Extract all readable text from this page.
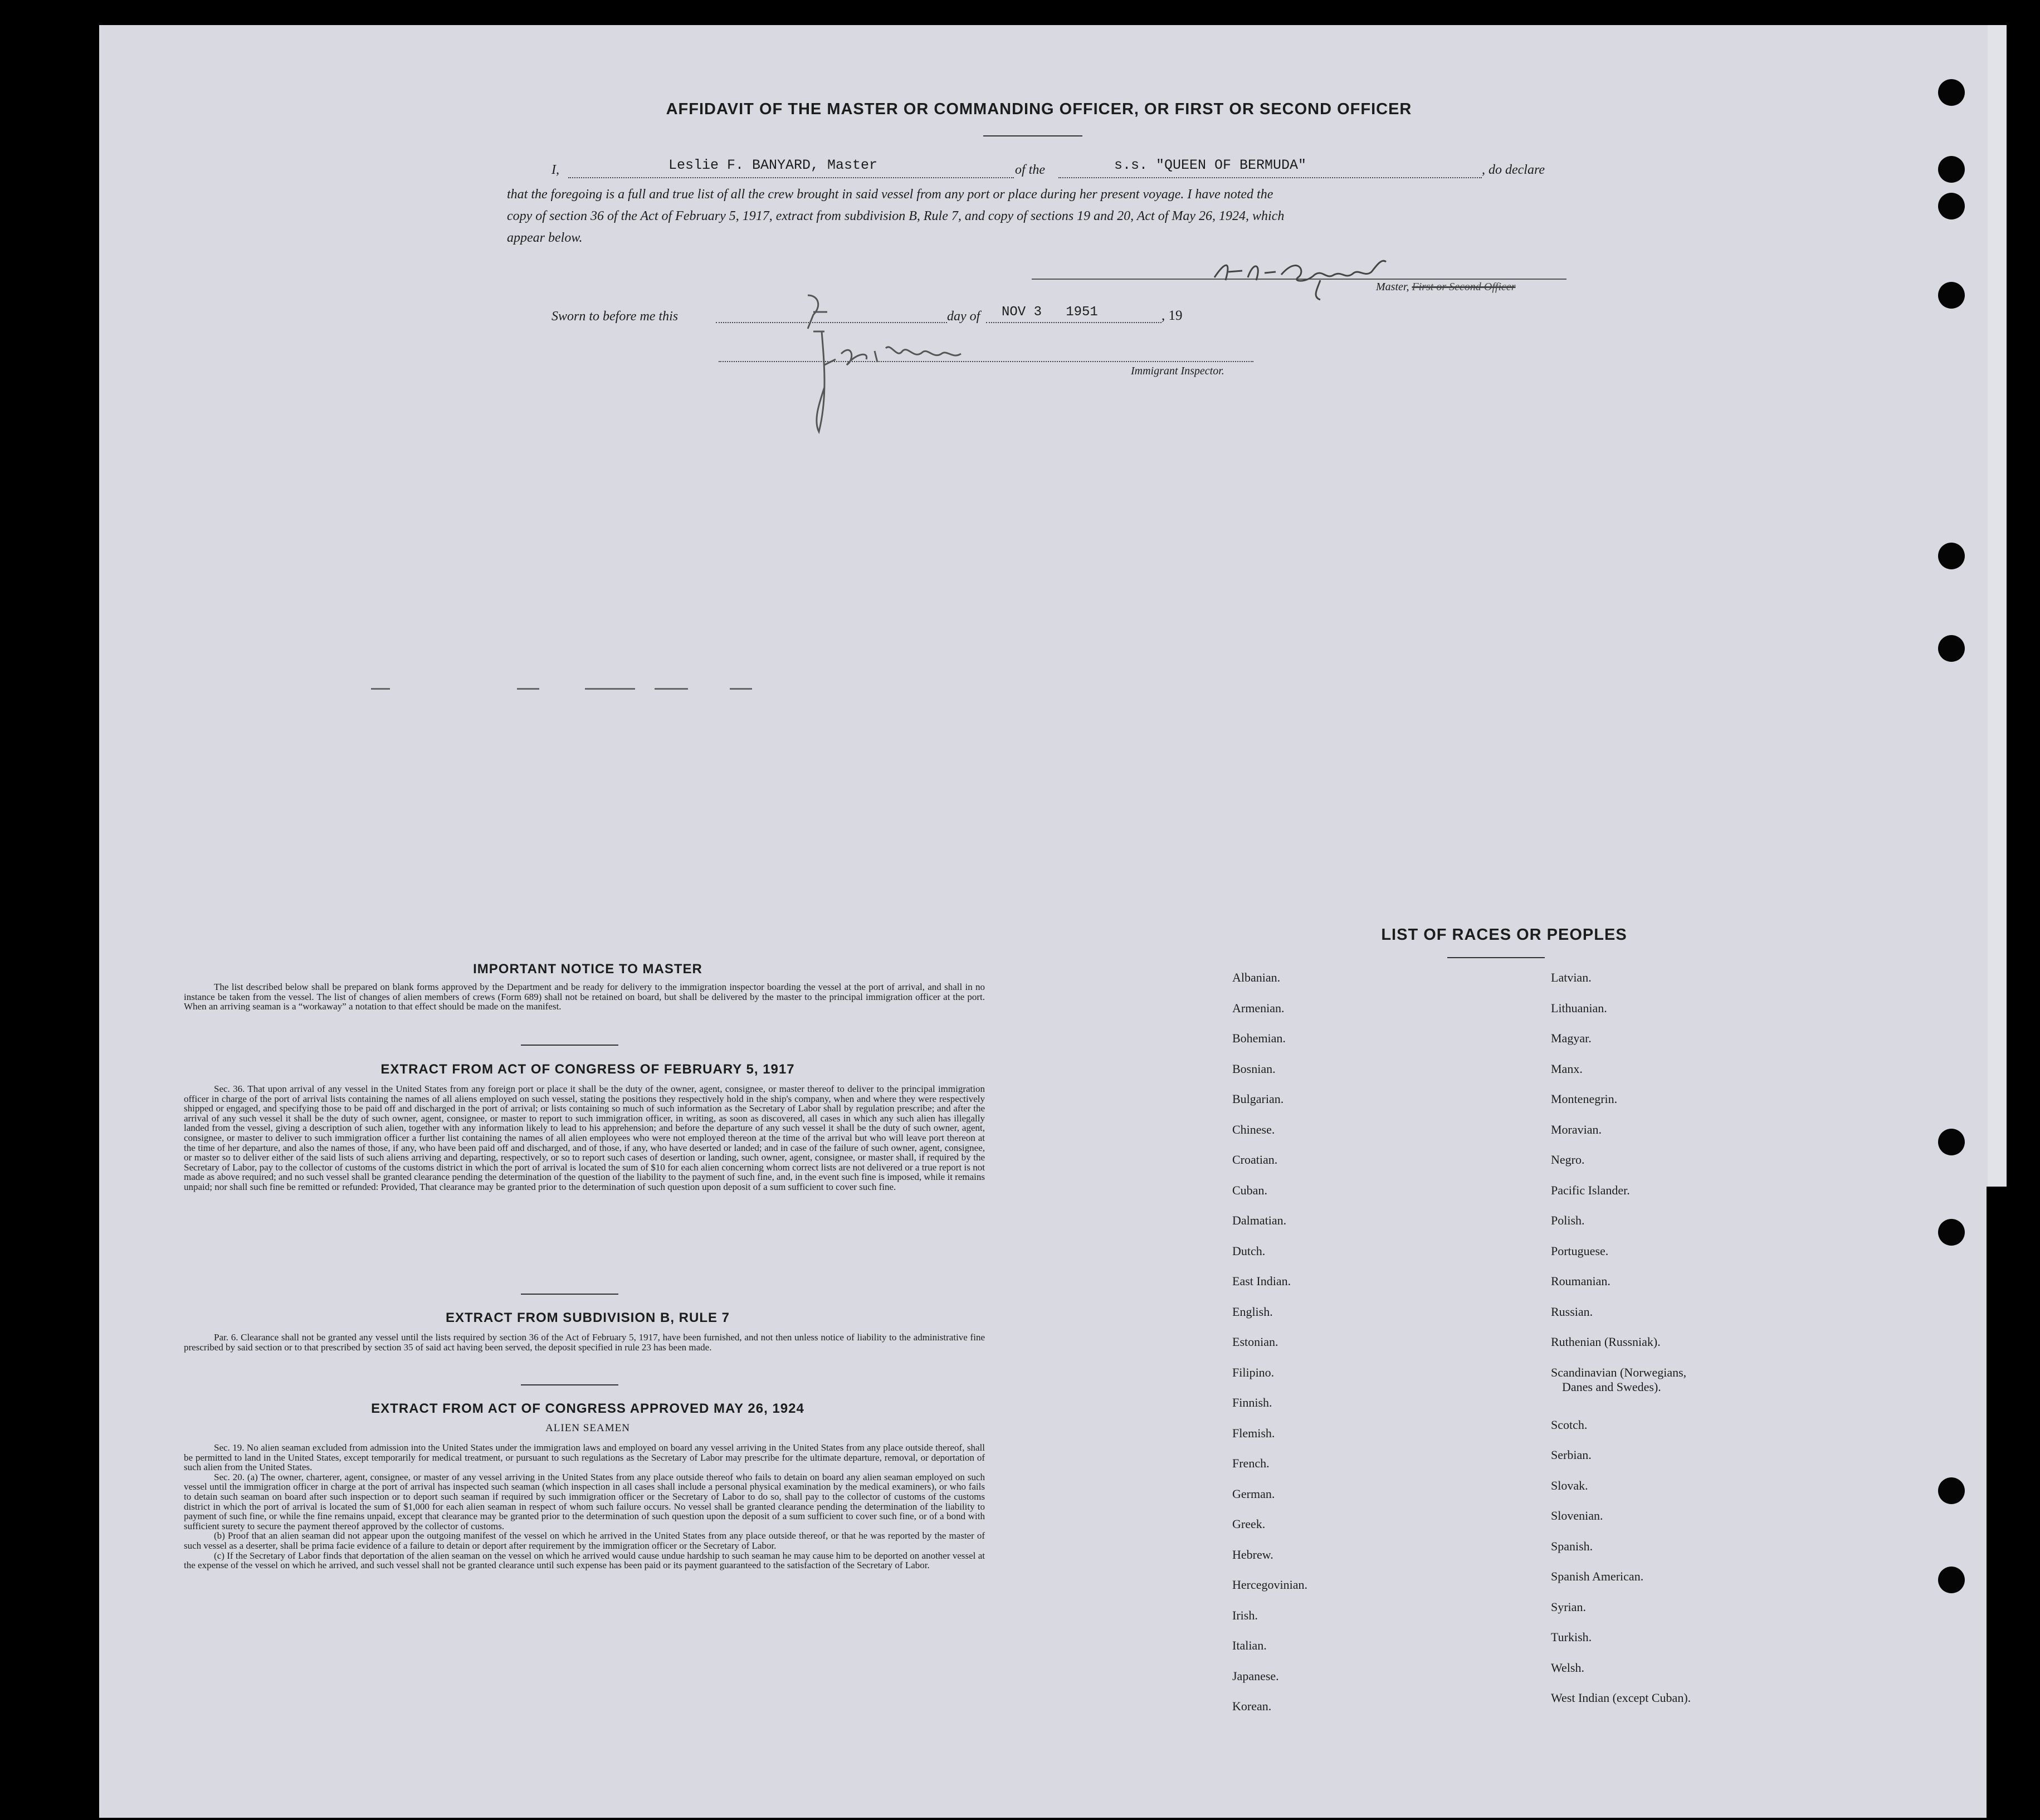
AFFIDAVIT OF THE MASTER OR COMMANDING OFFICER, OR FIRST OR SECOND OFFICER
I,	Leslie F. BANYARD, Master	of the	s.s. "QUEEN OF BERMUDA"	, do declare
that the foregoing is a full and true list of all the crew brought in said vessel from any port or place during her present voyage. I have noted the
copy of section 36 of the Act of February 5, 1917, extract from subdivision B, Rule 7, and copy of sections 19 and 20, Act of May 26, 1924, which
appear below.
Master, First or Second Officer
Sworn to before me this	day of NOV 3   1951	, 19
Immigrant Inspector.
IMPORTANT NOTICE TO MASTER

The list described below shall be prepared on blank forms approved by the Department and be ready for delivery to the immigration inspector boarding the vessel at the port of arrival, and shall in no instance be taken from the vessel. The list of changes of alien members of crews (Form 689) shall not be retained on board, but shall be delivered by the master to the principal immigration officer at the port. When an arriving seaman is a “workaway” a notation to that effect should be made on the manifest.

EXTRACT FROM ACT OF CONGRESS OF FEBRUARY 5, 1917

Sec. 36. That upon arrival of any vessel in the United States from any foreign port or place it shall be the duty of the owner, agent, consignee, or master thereof to deliver to the principal immigration officer in charge of the port of arrival lists containing the names of all aliens employed on such vessel, stating the positions they respectively hold in the ship's company, when and where they were respectively shipped or engaged, and specifying those to be paid off and discharged in the port of arrival; or lists containing so much of such information as the Secretary of Labor shall by regulation prescribe; and after the arrival of any such vessel it shall be the duty of such owner, agent, consignee, or master to report to such immigration officer, in writing, as soon as discovered, all cases in which any such alien has illegally landed from the vessel, giving a description of such alien, together with any information likely to lead to his apprehension; and before the departure of any such vessel it shall be the duty of such owner, agent, consignee, or master to deliver to such immigration officer a further list containing the names of all alien employees who were not employed thereon at the time of the arrival but who will leave port thereon at the time of her departure, and also the names of those, if any, who have been paid off and discharged, and of those, if any, who have deserted or landed; and in case of the failure of such owner, agent, consignee, or master so to deliver either of the said lists of such aliens arriving and departing, respectively, or so to report such cases of desertion or landing, such owner, agent, consignee, or master shall, if required by the Secretary of Labor, pay to the collector of customs of the customs district in which the port of arrival is located the sum of $10 for each alien concerning whom correct lists are not delivered or a true report is not made as above required; and no such vessel shall be granted clearance pending the determination of the question of the liability to the payment of such fine, and, in the event such fine is imposed, while it remains unpaid; nor shall such fine be remitted or refunded: Provided, That clearance may be granted prior to the determination of such question upon deposit of a sum sufficient to cover such fine.

EXTRACT FROM SUBDIVISION B, RULE 7

Par. 6. Clearance shall not be granted any vessel until the lists required by section 36 of the Act of February 5, 1917, have been furnished, and not then unless notice of liability to the administrative fine prescribed by said section or to that prescribed by section 35 of said act having been served, the deposit specified in rule 23 has been made.

EXTRACT FROM ACT OF CONGRESS APPROVED MAY 26, 1924
ALIEN SEAMEN

Sec. 19. No alien seaman excluded from admission into the United States under the immigration laws and employed on board any vessel arriving in the United States from any place outside thereof, shall be permitted to land in the United States, except temporarily for medical treatment, or pursuant to such regulations as the Secretary of Labor may prescribe for the ultimate departure, removal, or deportation of such alien from the United States.

Sec. 20. (a) The owner, charterer, agent, consignee, or master of any vessel arriving in the United States from any place outside thereof who fails to detain on board any alien seaman employed on such vessel until the immigration officer in charge at the port of arrival has inspected such seaman (which inspection in all cases shall include a personal physical examination by the medical examiners), or who fails to detain such seaman on board after such inspection or to deport such seaman if required by such immigration officer or the Secretary of Labor to do so, shall pay to the collector of customs of the customs district in which the port of arrival is located the sum of $1,000 for each alien seaman in respect of whom such failure occurs. No vessel shall be granted clearance pending the determination of the liability to payment of such fine, or while the fine remains unpaid, except that clearance may be granted prior to the determination of such question upon the deposit of a sum sufficient to cover such fine, or of a bond with sufficient surety to secure the payment thereof approved by the collector of customs.

(b) Proof that an alien seaman did not appear upon the outgoing manifest of the vessel on which he arrived in the United States from any place outside thereof, or that he was reported by the master of such vessel as a deserter, shall be prima facie evidence of a failure to detain or deport after requirement by the immigration officer or the Secretary of Labor.

(c) If the Secretary of Labor finds that deportation of the alien seaman on the vessel on which he arrived would cause undue hardship to such seaman he may cause him to be deported on another vessel at the expense of the vessel on which he arrived, and such vessel shall not be granted clearance until such expense has been paid or its payment guaranteed to the satisfaction of the Secretary of Labor.

LIST OF RACES OR PEOPLES
Albanian.
Armenian.
Bohemian.
Bosnian.
Bulgarian.
Chinese.
Croatian.
Cuban.
Dalmatian.
Dutch.
East Indian.
English.
Estonian.
Filipino.
Finnish.
Flemish.
French.
German.
Greek.
Hebrew.
Hercegovinian.
Irish.
Italian.
Japanese.
Korean.
Latvian.
Lithuanian.
Magyar.
Manx.
Montenegrin.
Moravian.
Negro.
Pacific Islander.
Polish.
Portuguese.
Roumanian.
Russian.
Ruthenian (Russniak).
Scandinavian (Norwegians,
Danes and Swedes).
Scotch.
Serbian.
Slovak.
Slovenian.
Spanish.
Spanish American.
Syrian.
Turkish.
Welsh.
West Indian (except Cuban).
